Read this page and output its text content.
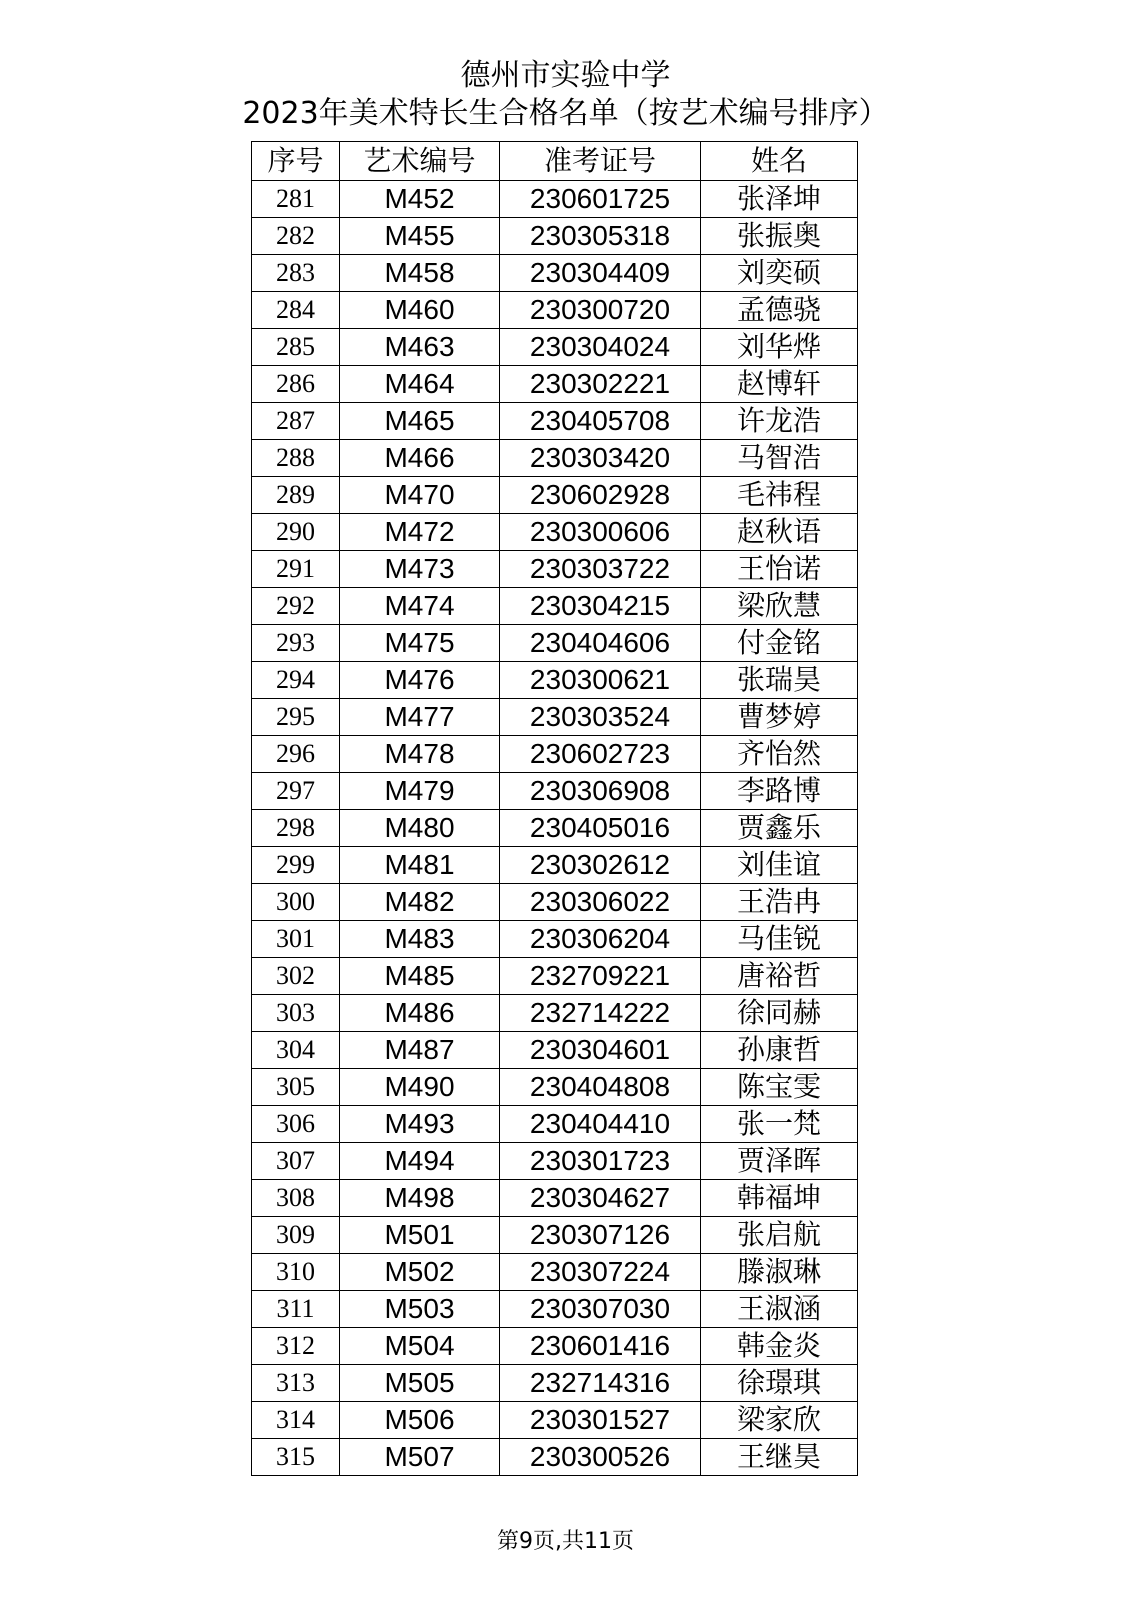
德州市实验中学
2023年美术特长生合格名单（按艺术编号排序）
序号	艺术编号	准考证号	姓名
281	M452	230601725	张泽坤
282	M455	230305318	张振奥
283	M458	230304409	刘奕硕
284	M460	230300720	孟德骁
285	M463	230304024	刘华烨
286	M464	230302221	赵博轩
287	M465	230405708	许龙浩
288	M466	230303420	马智浩
289	M470	230602928	毛祎程
290	M472	230300606	赵秋语
291	M473	230303722	王怡诺
292	M474	230304215	梁欣慧
293	M475	230404606	付金铭
294	M476	230300621	张瑞昊
295	M477	230303524	曹梦婷
296	M478	230602723	齐怡然
297	M479	230306908	李路博
298	M480	230405016	贾鑫乐
299	M481	230302612	刘佳谊
300	M482	230306022	王浩冉
301	M483	230306204	马佳锐
302	M485	232709221	唐裕哲
303	M486	232714222	徐同赫
304	M487	230304601	孙康哲
305	M490	230404808	陈宝雯
306	M493	230404410	张一梵
307	M494	230301723	贾泽晖
308	M498	230304627	韩福坤
309	M501	230307126	张启航
310	M502	230307224	滕淑琳
311	M503	230307030	王淑涵
312	M504	230601416	韩金炎
313	M505	232714316	徐璟琪
314	M506	230301527	梁家欣
315	M507	230300526	王继昊
第9页,共11页
